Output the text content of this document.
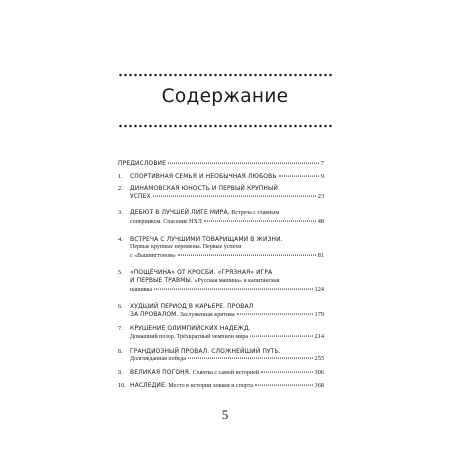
Содержание
ПРЕДИСЛОВИЕ	7
1.	СПОРТИВНАЯ СЕМЬЯ И НЕОБЫЧНАЯ ЛЮБОВЬ	9
2.	ДИНАМОВСКАЯ ЮНОСТЬ И ПЕРВЫЙ КРУПНЫЙ
УСПЕХ	23
3.	ДЕБЮТ В ЛУЧШЕЙ ЛИГЕ МИРА. Встреча с главным
соперником. Спасение НХЛ	48
4.	ВСТРЕЧА С ЛУЧШИМИ ТОВАРИЩАМИ В ЖИЗНИ.
Первые крупные перемены. Первые успехи
с «Вашингтоном»	81
5.	«ПОЩЁЧИНА» ОТ КРОСБИ. «ГРЯЗНАЯ» ИГРА
И ПЕРВЫЕ ТРАВМЫ. «Русская машина» и капитанская
нашивка	124
6.	ХУДШИЙ ПЕРИОД В КАРЬЕРЕ. ПРОВАЛ
ЗА ПРОВАЛОМ. Заслуженная критика	179
7.	КРУШЕНИЕ ОЛИМПИЙСКИХ НАДЕЖД.
Домашний позор. Трёхкратный чемпион мира	214
8.	ГРАНДИОЗНЫЙ ПРОВАЛ. СЛОЖНЕЙШИЙ ПУТЬ.
Долгожданная победа	255
9.	ВЕЛИКАЯ ПОГОНЯ. Схватка с самой историей	306
10. НАСЛЕДИЕ. Место в истории хоккея и спорта	368
5
